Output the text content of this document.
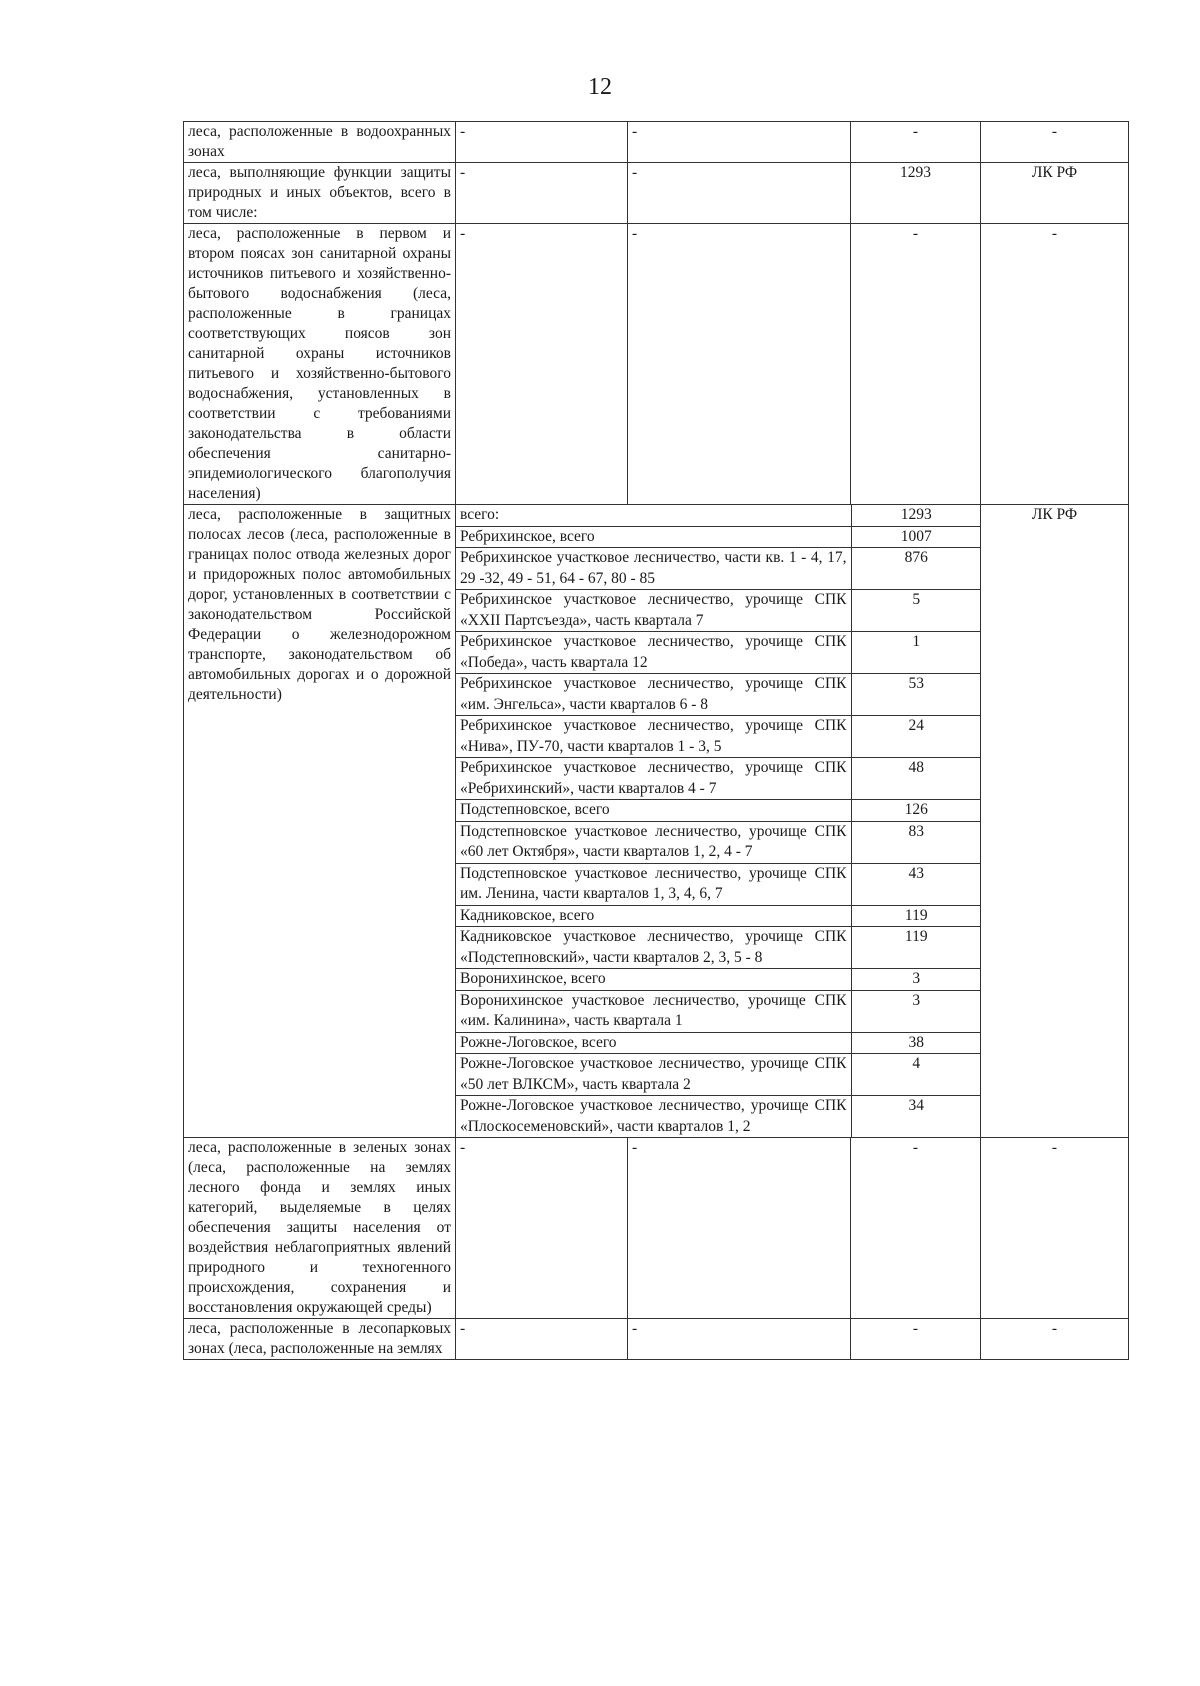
12
леса, расположенные в водоохранных зонах	-	-	-	-
леса, выполняющие функции защиты природных и иных объектов, всего в том числе:	-	-	1293	ЛК РФ
леса, расположенные в первом и втором поясах зон санитарной охраны источников питьевого и хозяйственно-бытового водоснабжения (леса, расположенные в границах соответствующих поясов зон санитарной охраны источников питьевого и хозяйственно-бытового водоснабжения, установленных в соответствии с требованиями законодательства в области обеспечения санитарно-эпидемиологического благополучия населения)	-	-	-	-
леса, расположенные в защитных полосах лесов (леса, расположенные в границах полос отвода железных дорог и придорожных полос автомобильных дорог, установленных в соответствии с законодательством Российской Федерации о железнодорожном транспорте, законодательством об автомобильных дорогах и о дорожной деятельности)	
всего:	1293
Ребрихинское, всего	1007
Ребрихинское участковое лесничество, части кв. 1 - 4, 17, 29 -32, 49 - 51, 64 - 67, 80 - 85	876
Ребрихинское участковое лесничество, урочище СПК «XXII Партсъезда», часть квартала 7	5
Ребрихинское участковое лесничество, урочище СПК «Победа», часть квартала 12	1
Ребрихинское участковое лесничество, урочище СПК «им. Энгельса», части кварталов 6 - 8	53
Ребрихинское участковое лесничество, урочище СПК «Нива», ПУ-70, части кварталов 1 - 3, 5	24
Ребрихинское участковое лесничество, урочище СПК «Ребрихинский», части кварталов 4 - 7	48
Подстепновское, всего	126
Подстепновское участковое лесничество, урочище СПК «60 лет Октября», части кварталов 1, 2, 4 - 7	83
Подстепновское участковое лесничество, урочище СПК им. Ленина, части кварталов 1, 3, 4, 6, 7	43
Кадниковское, всего	119
Кадниковское участковое лесничество, урочище СПК «Подстепновский», части кварталов 2, 3, 5 - 8	119
Воронихинское, всего	3
Воронихинское участковое лесничество, урочище СПК «им. Калинина», часть квартала 1	3
Рожне-Логовское, всего	38
Рожне-Логовское участковое лесничество, урочище СПК «50 лет ВЛКСМ», часть квартала 2	4
Рожне-Логовское участковое лесничество, урочище СПК «Плоскосеменовский», части кварталов 1, 2	34
	ЛК РФ
леса, расположенные в зеленых зонах (леса, расположенные на землях лесного фонда и землях иных категорий, выделяемые в целях обеспечения защиты населения от воздействия неблагоприятных явлений природного и техногенного происхождения, сохранения и восстановления окружающей среды)	-	-	-	-
леса, расположенные в лесопарковых зонах (леса, расположенные на землях	-	-	-	-
